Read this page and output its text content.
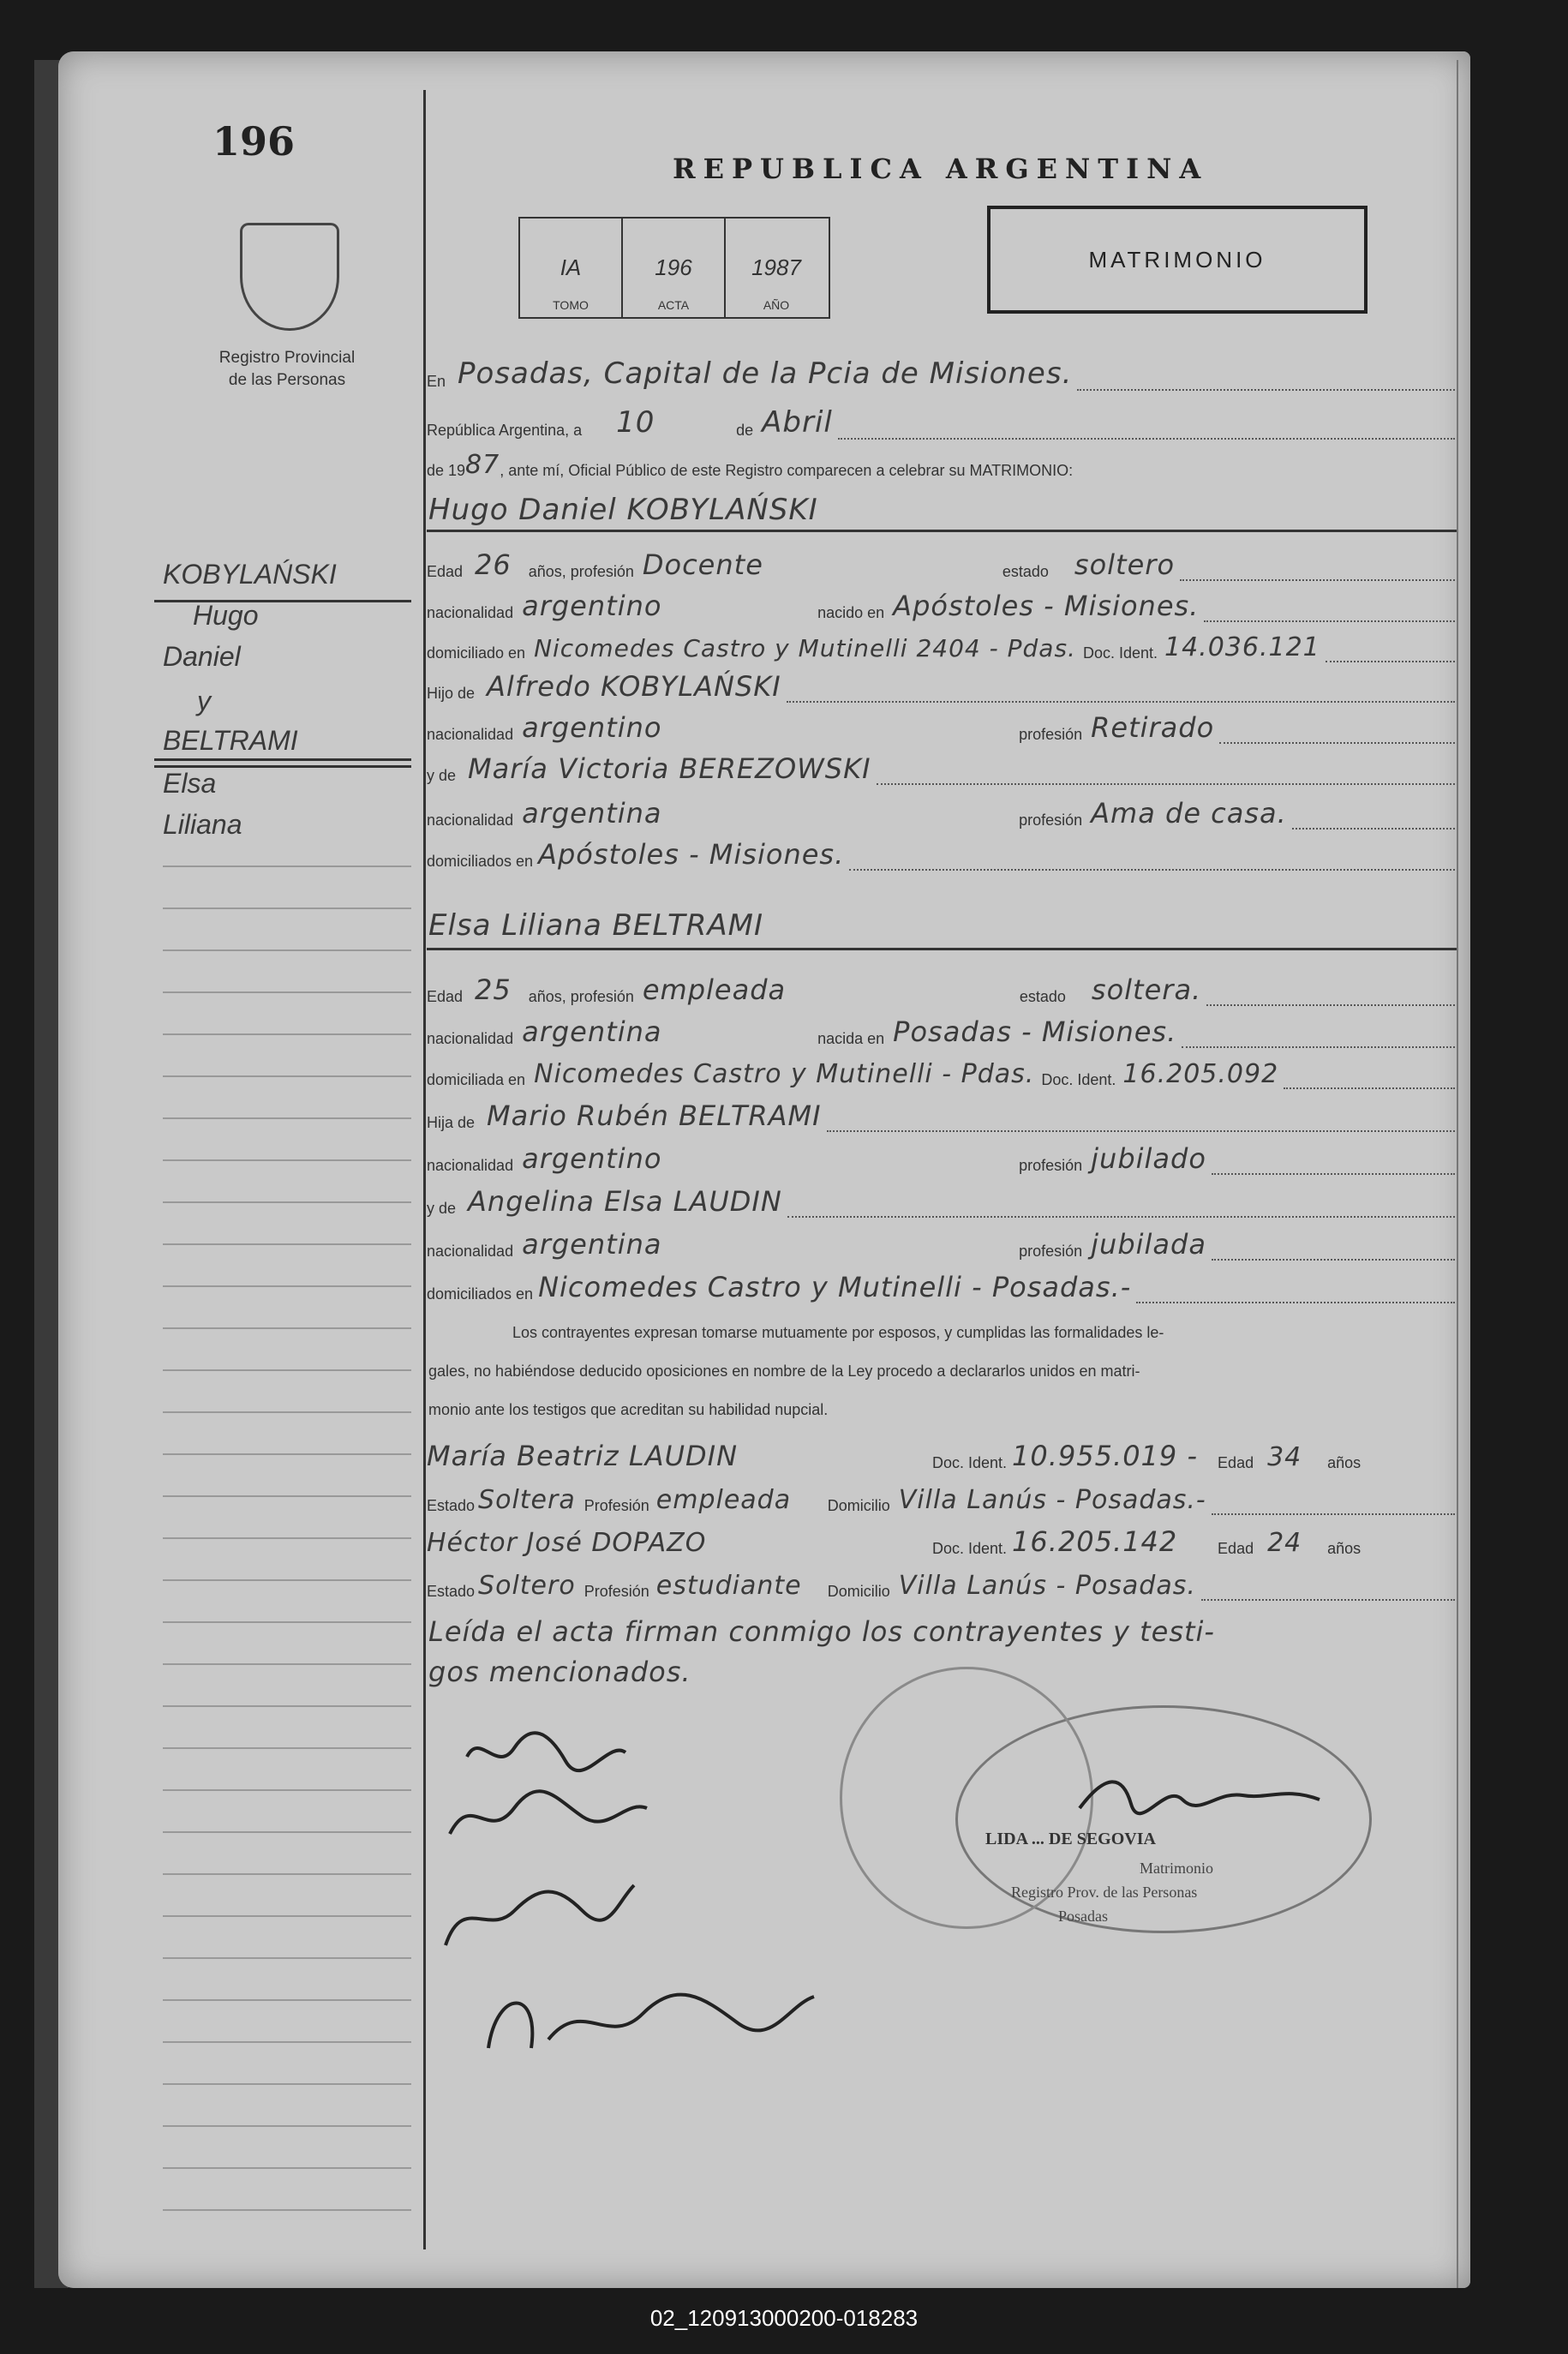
196
Registro Provincial
de las Personas
REPUBLICA ARGENTINA
IA
TOMO
196
ACTA
1987
AÑO
MATRIMONIO
En Posadas, Capital de la Pcia de Misiones.
República Argentina, a 10	de Abril
de 19 87 , ante mí, Oficial Público de este Registro comparecen a celebrar su MATRIMONIO:
KOBYLAŃSKI
Hugo
Daniel
y
BELTRAMI
Elsa
Liliana
Hugo Daniel KOBYLAŃSKI
Edad 26 años, profesión Docente	estado soltero
nacionalidad argentino	nacido en Apóstoles - Misiones.
domiciliado en Nicomedes Castro y Mutinelli 2404 - Pdas. Doc. Ident. 14.036.121
Hijo de Alfredo KOBYLAŃSKI
nacionalidad argentino	profesión Retirado
y de María Victoria BEREZOWSKI
nacionalidad argentina	profesión Ama de casa.
domiciliados en Apóstoles - Misiones.
Elsa Liliana BELTRAMI
Edad 25 años, profesión empleada	estado soltera.
nacionalidad argentina	nacida en Posadas - Misiones.
domiciliada en Nicomedes Castro y Mutinelli - Pdas. Doc. Ident. 16.205.092
Hija de Mario Rubén BELTRAMI
nacionalidad argentino	profesión jubilado
y de Angelina Elsa LAUDIN
nacionalidad argentina	profesión jubilada
domiciliados en Nicomedes Castro y Mutinelli - Posadas.-
Los contrayentes expresan tomarse mutuamente por esposos, y cumplidas las formalidades le-
gales, no habiéndose deducido oposiciones en nombre de la Ley procedo a declararlos unidos en matri-
monio ante los testigos que acreditan su habilidad nupcial.
María Beatriz LAUDIN	Doc. Ident. 10.955.019 -	Edad 34	años
Estado Soltera Profesión empleada	Domicilio Villa Lanús - Posadas.-
Héctor José DOPAZO	Doc. Ident. 16.205.142	Edad 24	años
Estado Soltero Profesión estudiante	Domicilio Villa Lanús - Posadas.
Leída el acta firman conmigo los contrayentes y testi-
gos mencionados.
LIDA ... DE SEGOVIA
Matrimonio
Registro Prov. de las Personas
Posadas
02_120913000200-018283
